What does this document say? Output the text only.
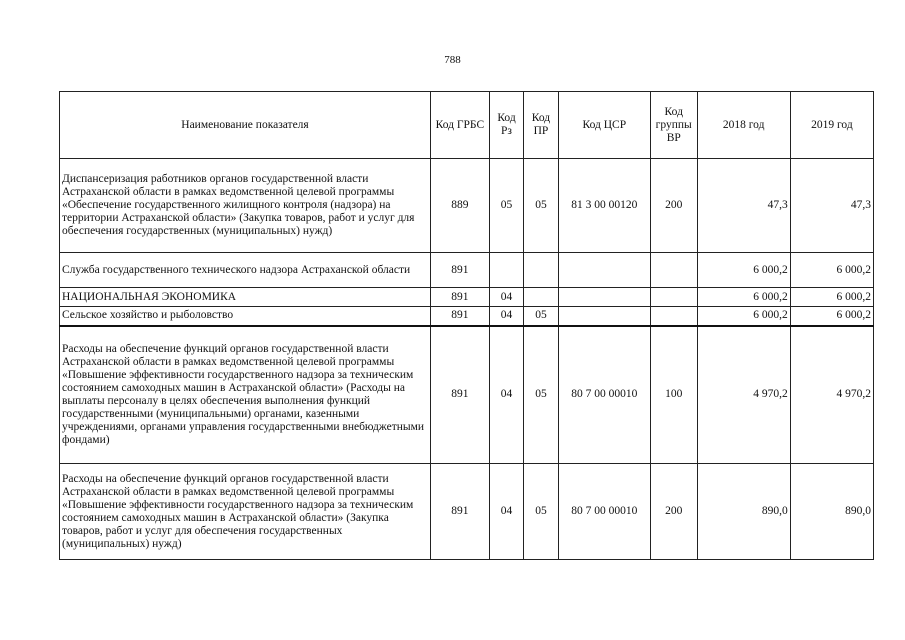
788
Наименование показателя	Код ГРБС	Код Рз	Код ПР	Код ЦСР	Код группы ВР	2018 год	2019 год
Диспансеризация работников органов государственной власти Астраханской области в рамках ведомственной целевой программы «Обеспечение государственного жилищного контроля (надзора) на территории Астраханской области» (Закупка товаров, работ и услуг для обеспечения государственных (муниципальных) нужд)	889	05	05	81 3 00 00120	200	47,3	47,3
Служба государственного технического надзора Астраханской области	891					6 000,2	6 000,2
НАЦИОНАЛЬНАЯ ЭКОНОМИКА	891	04				6 000,2	6 000,2
Сельское хозяйство и рыболовство	891	04	05			6 000,2	6 000,2
Расходы на обеспечение функций органов государственной власти Астраханской области в рамках ведомственной целевой программы «Повышение эффективности государственного надзора за техническим состоянием самоходных машин в Астраханской области» (Расходы на выплаты персоналу в целях обеспечения выполнения функций государственными (муниципальными) органами, казенными учреждениями, органами управления государственными внебюджетными фондами)	891	04	05	80 7 00 00010	100	4 970,2	4 970,2
Расходы на обеспечение функций органов государственной власти Астраханской области в рамках ведомственной целевой программы «Повышение эффективности государственного надзора за техническим состоянием самоходных машин в Астраханской области» (Закупка товаров, работ и услуг для обеспечения государственных (муниципальных) нужд)	891	04	05	80 7 00 00010	200	890,0	890,0
